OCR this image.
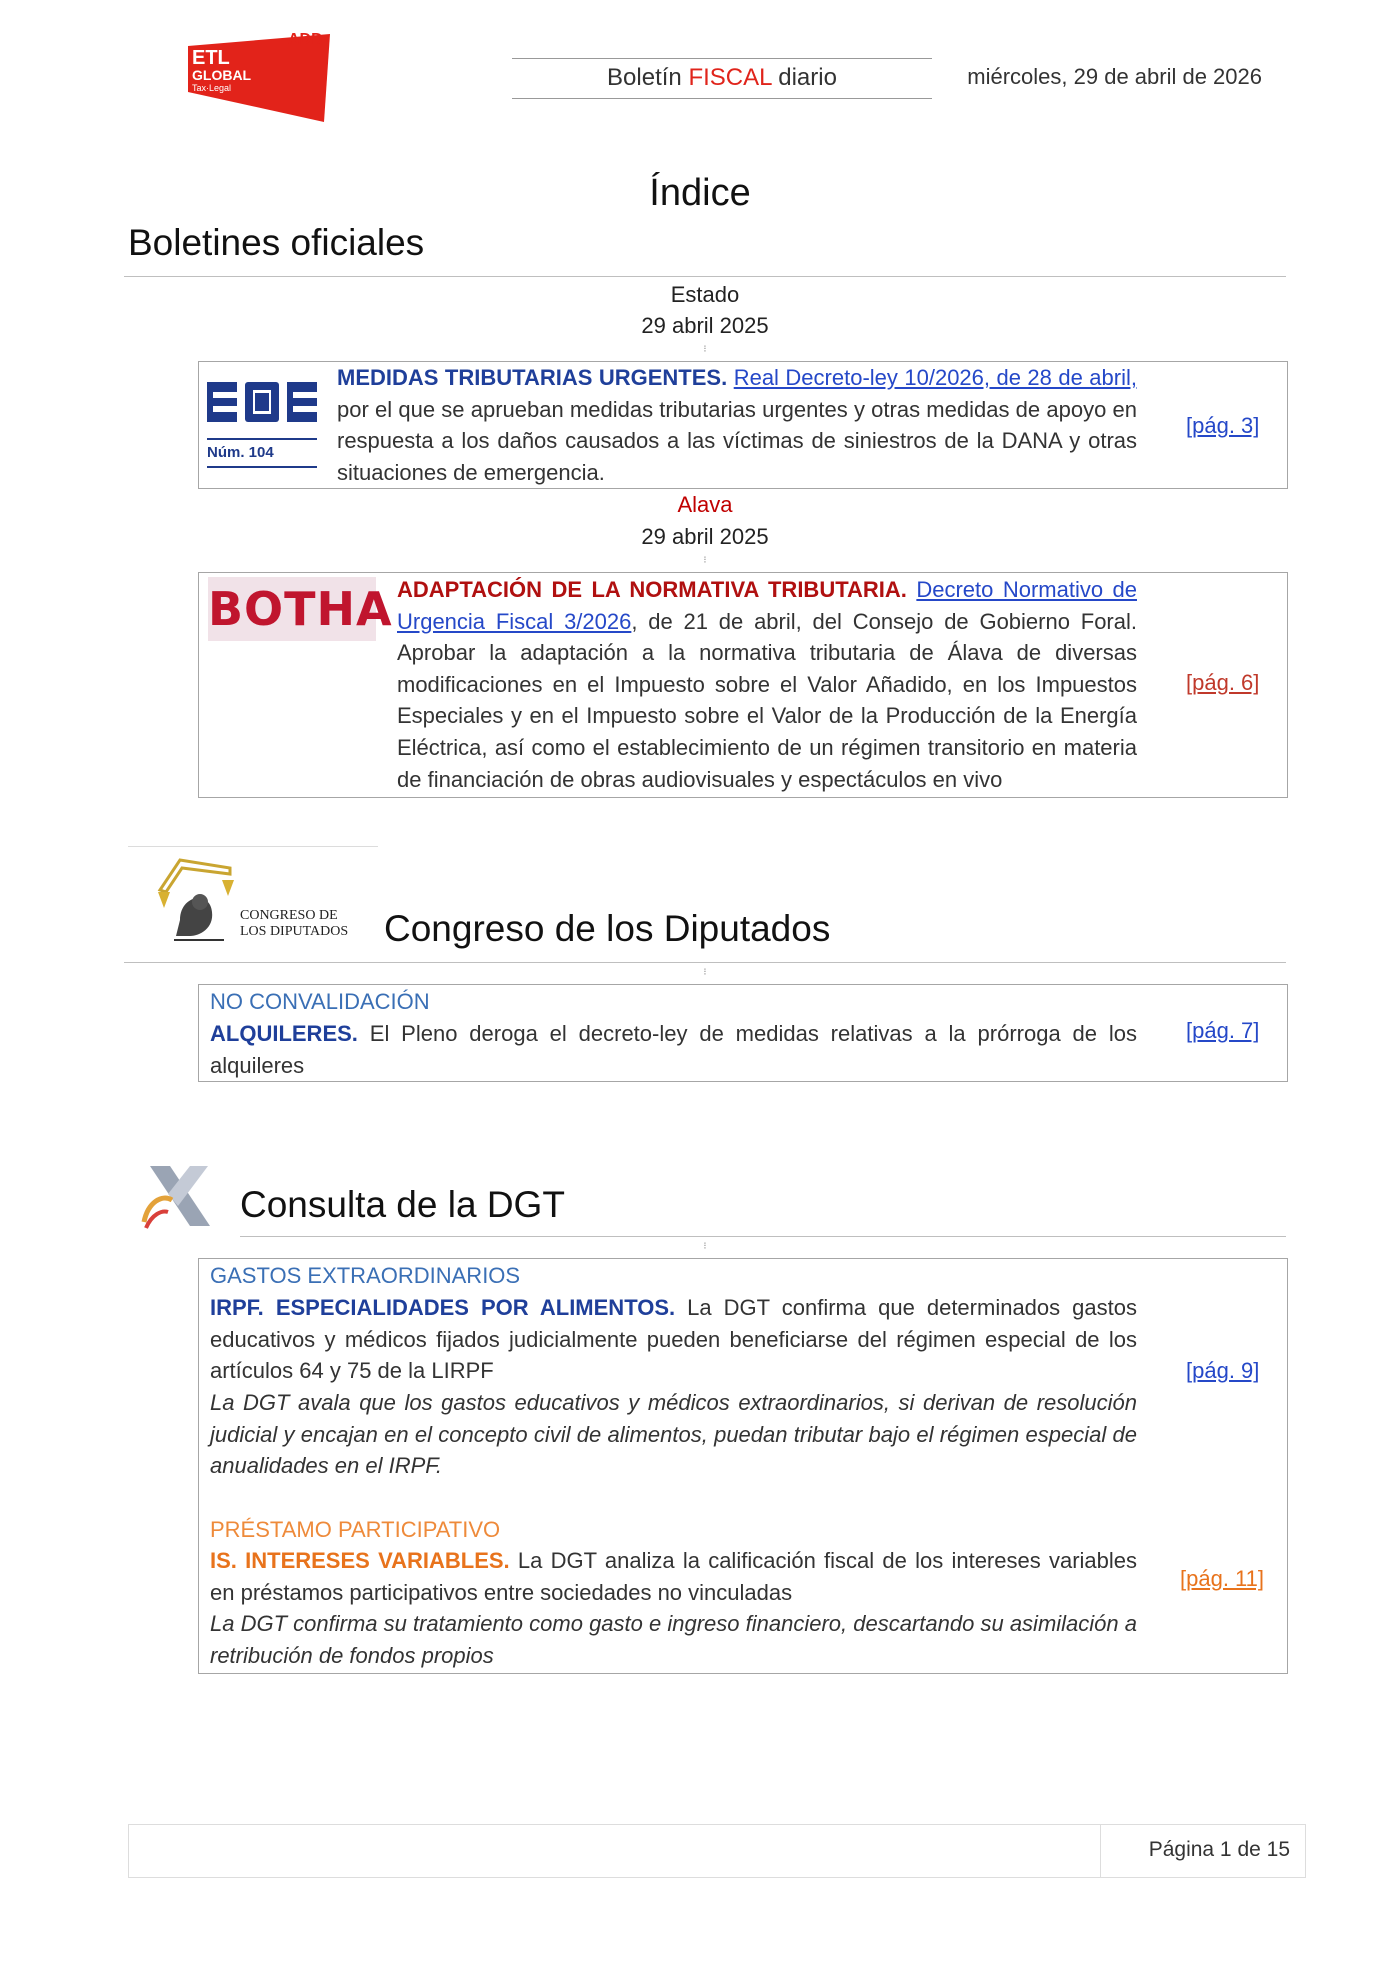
ADD
ETL
GLOBAL
Tax·Legal	Boletín FISCAL diario	miércoles, 29 de abril de 2026
Índice
Boletines oficiales
Estado
29 abril 2025
⁝
Núm. 104
MEDIDAS TRIBUTARIAS URGENTES. Real Decreto-ley 10/2026, de 28 de abril, por el que se aprueban medidas tributarias urgentes y otras medidas de apoyo en respuesta a los daños causados a las víctimas de siniestros de la DANA y otras situaciones de emergencia.
[pág. 3]
Alava
29 abril 2025
⁝
BOTHA ADAPTACIÓN DE LA NORMATIVA TRIBUTARIA. Decreto Normativo de Urgencia Fiscal 3/2026, de 21 de abril, del Consejo de Gobierno Foral. Aprobar la adaptación a la normativa tributaria de Álava de diversas modificaciones en el Impuesto sobre el Valor Añadido, en los Impuestos Especiales y en el Impuesto sobre el Valor de la Producción de la Energía Eléctrica, así como el establecimiento de un régimen transitorio en materia de financiación de obras audiovisuales y espectáculos en vivo
[pág. 6]
CONGRESO DE
LOS DIPUTADOS Congreso de los Diputados
⁝
NO CONVALIDACIÓN
ALQUILERES. El Pleno deroga el decreto-ley de medidas relativas a la prórroga de los alquileres
[pág. 7]
Consulta de la DGT
⁝
GASTOS EXTRAORDINARIOS
IRPF. ESPECIALIDADES POR ALIMENTOS. La DGT confirma que determinados gastos educativos y médicos fijados judicialmente pueden beneficiarse del régimen especial de los artículos 64 y 75 de la LIRPF
La DGT avala que los gastos educativos y médicos extraordinarios, si derivan de resolución judicial y encajan en el concepto civil de alimentos, puedan tributar bajo el régimen especial de anualidades en el IRPF.
[pág. 9]
PRÉSTAMO PARTICIPATIVO
IS. INTERESES VARIABLES. La DGT analiza la calificación fiscal de los intereses variables en préstamos participativos entre sociedades no vinculadas
La DGT confirma su tratamiento como gasto e ingreso financiero, descartando su asimilación a retribución de fondos propios
[pág. 11]
Página 1 de 15
